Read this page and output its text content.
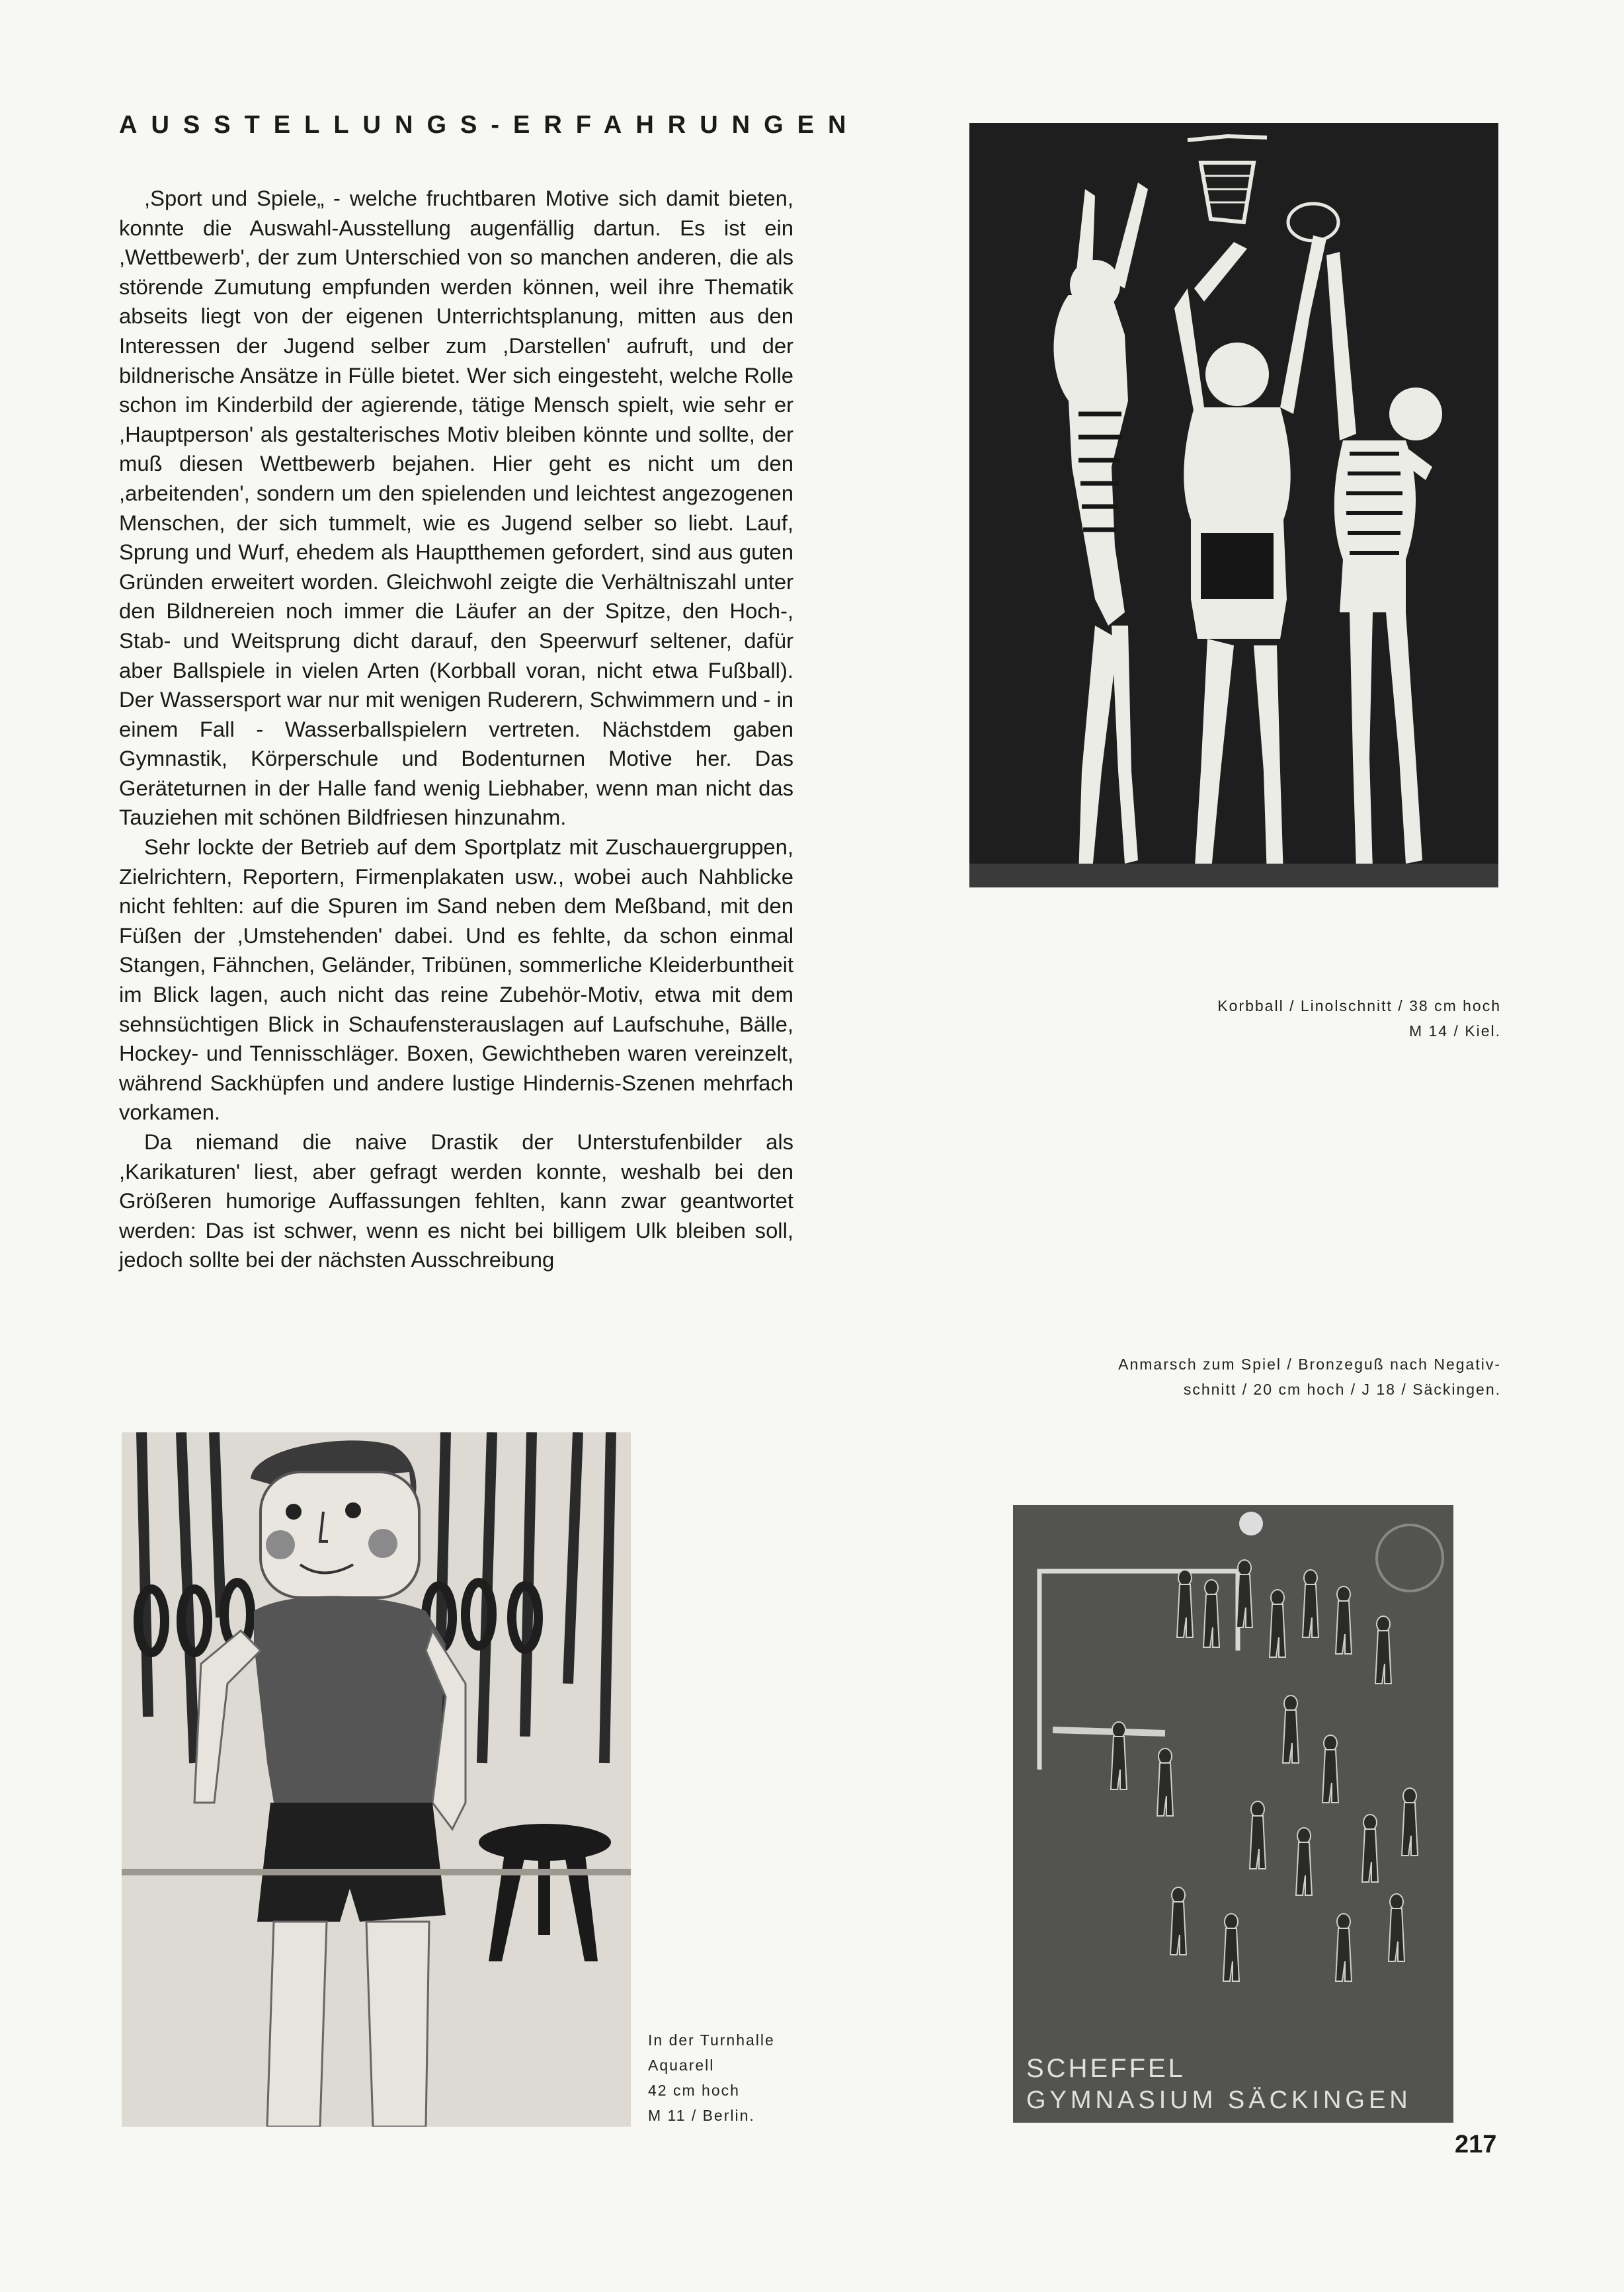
AUSSTELLUNGS-ERFAHRUNGEN

,Sport und Spiele„ - welche fruchtbaren Motive sich damit bieten, konnte die Auswahl-Ausstellung augenfällig dartun. Es ist ein ,Wettbewerb', der zum Unterschied von so manchen anderen, die als störende Zumutung empfunden werden können, weil ihre Thematik abseits liegt von der eigenen Unterrichtsplanung, mitten aus den Interessen der Jugend selber zum ,Darstellen' aufruft, und der bildnerische Ansätze in Fülle bietet. Wer sich eingesteht, welche Rolle schon im Kinderbild der agierende, tätige Mensch spielt, wie sehr er ,Hauptperson' als gestalterisches Motiv bleiben könnte und sollte, der muß diesen Wettbewerb bejahen. Hier geht es nicht um den ,arbeitenden', sondern um den spielenden und leichtest angezogenen Menschen, der sich tummelt, wie es Jugend selber so liebt. Lauf, Sprung und Wurf, ehedem als Hauptthemen gefordert, sind aus guten Gründen erweitert worden. Gleichwohl zeigte die Verhältniszahl unter den Bildnereien noch immer die Läufer an der Spitze, den Hoch-, Stab- und Weitsprung dicht darauf, den Speerwurf seltener, dafür aber Ballspiele in vielen Arten (Korbball voran, nicht etwa Fußball). Der Wassersport war nur mit wenigen Ruderern, Schwimmern und - in einem Fall - Wasserballspielern vertreten. Nächstdem gaben Gymnastik, Körperschule und Bodenturnen Motive her. Das Geräteturnen in der Halle fand wenig Liebhaber, wenn man nicht das Tauziehen mit schönen Bildfriesen hinzunahm.

Sehr lockte der Betrieb auf dem Sportplatz mit Zuschauergruppen, Zielrichtern, Reportern, Firmenplakaten usw., wobei auch Nahblicke nicht fehlten: auf die Spuren im Sand neben dem Meßband, mit den Füßen der ,Umstehenden' dabei. Und es fehlte, da schon einmal Stangen, Fähnchen, Geländer, Tribünen, sommerliche Kleiderbuntheit im Blick lagen, auch nicht das reine Zubehör-Motiv, etwa mit dem sehnsüchtigen Blick in Schaufensterauslagen auf Laufschuhe, Bälle, Hockey- und Tennisschläger. Boxen, Gewichtheben waren vereinzelt, während Sackhüpfen und andere lustige Hindernis-Szenen mehrfach vorkamen.

Da niemand die naive Drastik der Unterstufenbilder als ,Karikaturen' liest, aber gefragt werden konnte, weshalb bei den Größeren humorige Auffassungen fehlten, kann zwar geantwortet werden: Das ist schwer, wenn es nicht bei billigem Ulk bleiben soll, jedoch sollte bei der nächsten Ausschreibung

Korbball / Linolschnitt / 38 cm hoch
M 14 / Kiel.
Anmarsch zum Spiel / Bronzeguß nach Negativ-
schnitt / 20 cm hoch / J 18 / Säckingen.
In der Turnhalle
Aquarell
42 cm hoch
M 11 / Berlin.
SCHEFFEL
GYMNASIUM SÄCKINGEN
217
